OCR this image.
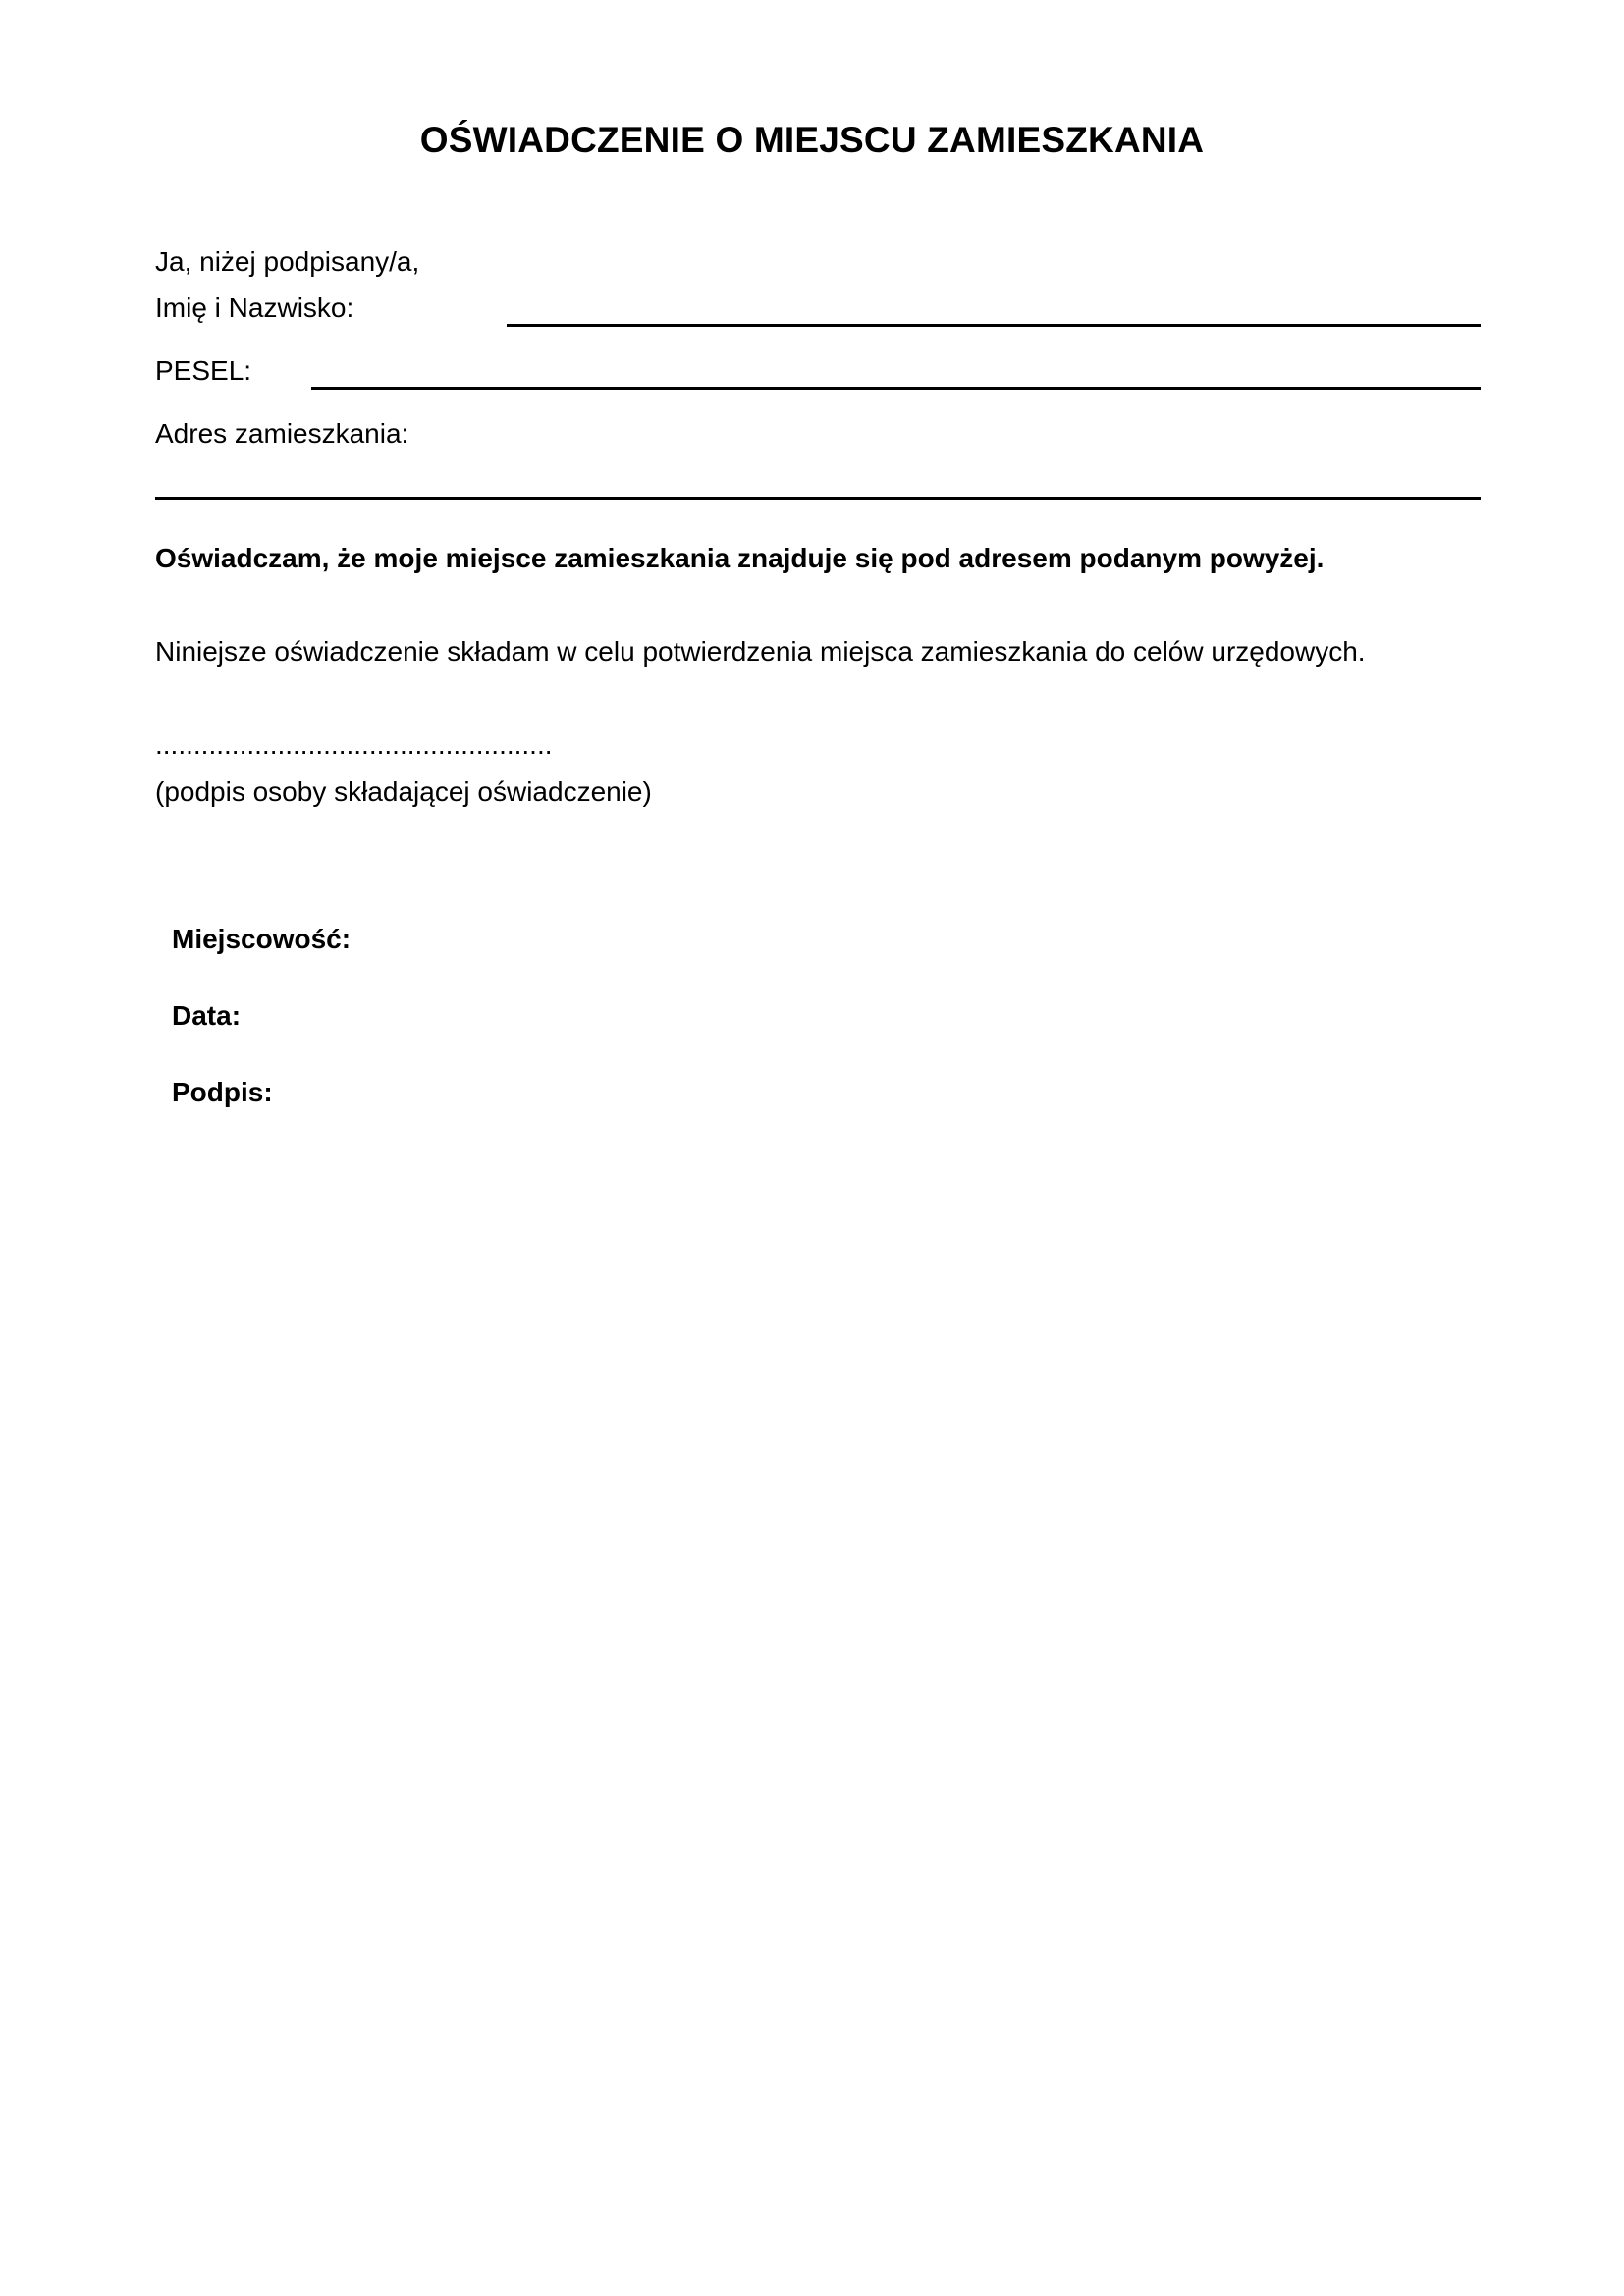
OŚWIADCZENIE O MIEJSCU ZAMIESZKANIA
Ja, niżej podpisany/a,
Imię i Nazwisko:
PESEL:
Adres zamieszkania:
Oświadczam, że moje miejsce zamieszkania znajduje się pod adresem podanym powyżej.
Niniejsze oświadczenie składam w celu potwierdzenia miejsca zamieszkania do celów urzędowych.
....................................................
(podpis osoby składającej oświadczenie)
Miejscowość:
Data:
Podpis:
